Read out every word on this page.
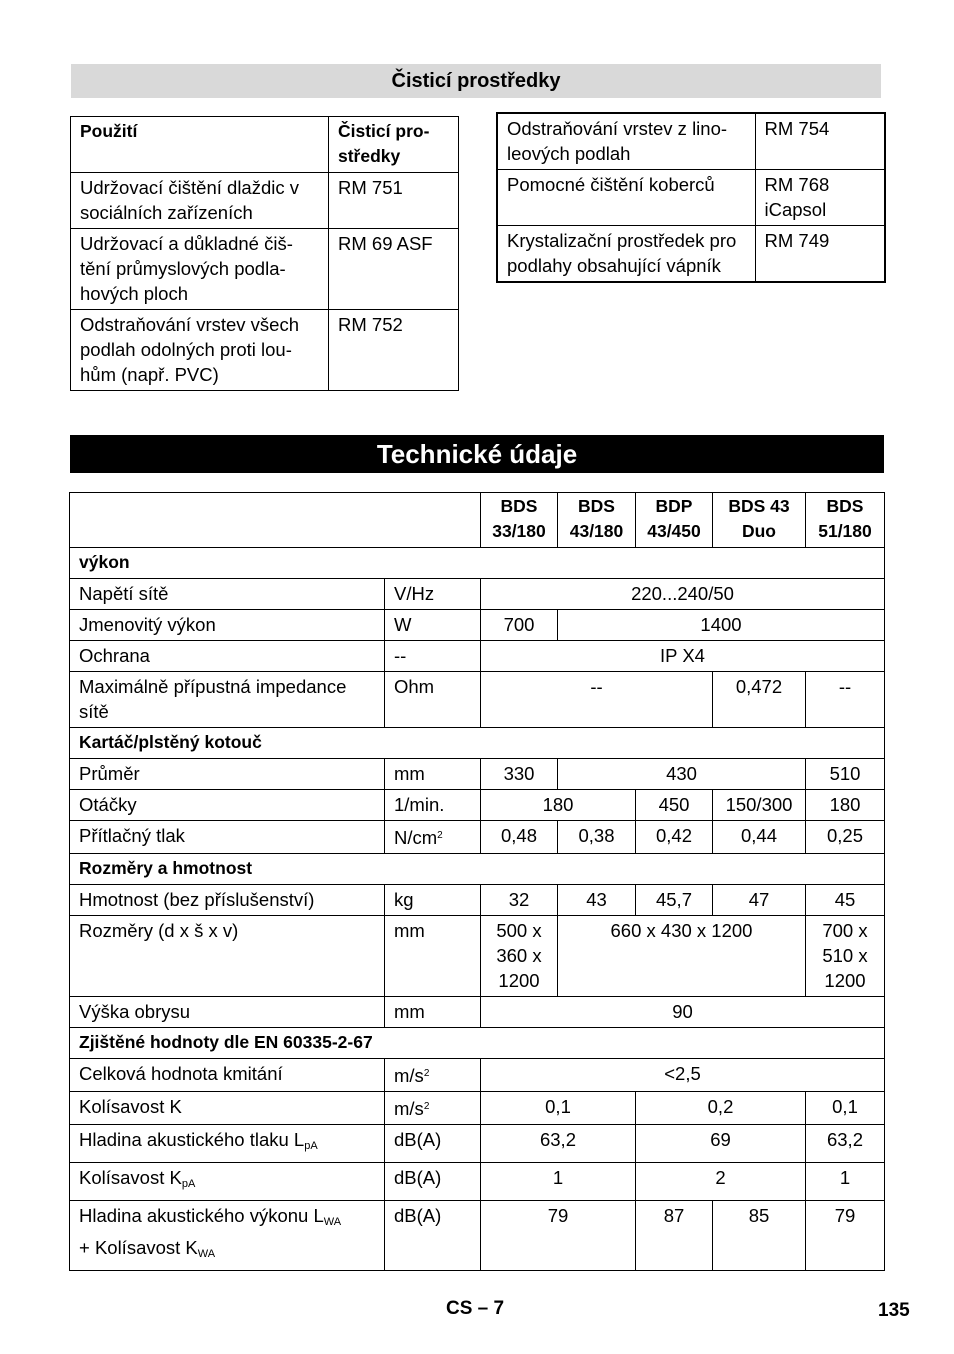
Čisticí prostředky
Použití	Čisticí pro-
středky
Udržovací čištění dlaždic v sociálních zařízeních	RM 751
Udržovací a důkladné čiš-tění průmyslových podla-hových ploch	RM 69 ASF
Odstraňování vrstev všech podlah odolných proti lou-hům (např. PVC)	RM 752
Odstraňování vrstev z lino-leových podlah	RM 754
Pomocné čištění koberců	RM 768 iCapsol
Krystalizační prostředek pro podlahy obsahující vápník	RM 749
Technické údaje
		BDS 33/180	BDS 43/180	BDP 43/450	BDS 43 Duo	BDS 51/180
výkon						
Napětí sítě	V/Hz	220...240/50				
Jmenovitý výkon	W	700	1400			
Ochrana	--	IP X4				
Maximálně přípustná impedance sítě	Ohm	--			0,472	--
Kartáč/plstěný kotouč						
Průměr	mm	330	430			510
Otáčky	1/min.	180		450	150/300	180
Přítlačný tlak	$N/cm^2$	0,48	0,38	0,42	0,44	0,25
Rozměry a hmotnost						
Hmotnost (bez příslušenství)	kg	32	43	45,7	47	45
Rozměry (d x š x v)	mm	500 x 360 x 1200	660 x 430 x 1200			700 x 510 x 1200
Výška obrysu	mm	90				
Zjištěné hodnoty dle EN 60335-2-67						
Celková hodnota kmitání	$m/s^2$	<2,5				
Kolísavost K	$m/s^2$	0,1		0,2		0,1
Hladina akustického tlaku $L_{pA}$	dB(A)	63,2		69		63,2
Kolísavost $K_{pA}$	dB(A)	1		2		1
Hladina akustického výkonu $L_{WA}$
+ Kolísavost $K_{WA}$	dB(A)	79		87	85	79
CS – 7	135
